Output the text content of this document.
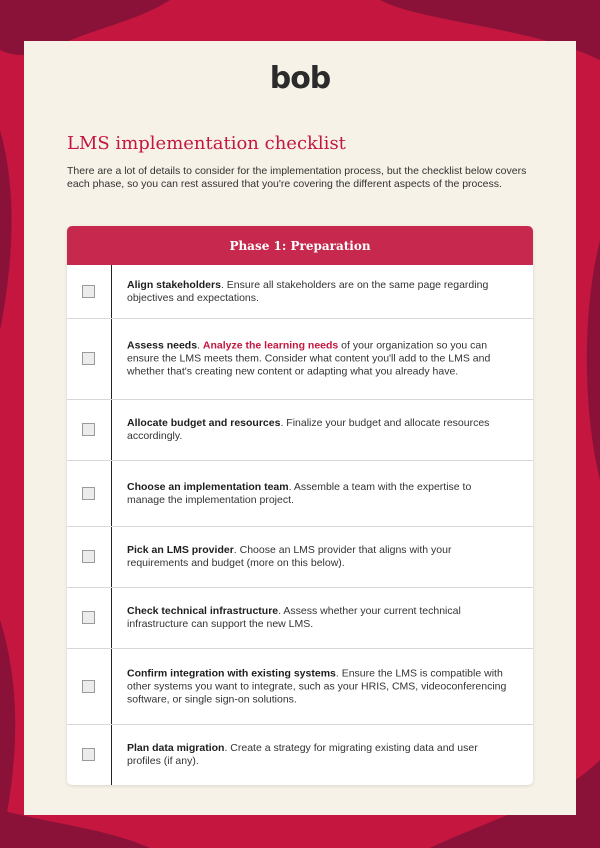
bob
LMS implementation checklist

There are a lot of details to consider for the implementation process, but the checklist below covers each phase, so you can rest assured that you're covering the different aspects of the process.

Phase 1: Preparation

Align stakeholders. Ensure all stakeholders are on the same page regarding objectives and expectations.

Assess needs. Analyze the learning needs of your organization so you can ensure the LMS meets them. Consider what content you'll add to the LMS and whether that's creating new content or adapting what you already have.

Allocate budget and resources. Finalize your budget and allocate resources accordingly.

Choose an implementation team. Assemble a team with the expertise to manage the implementation project.

Pick an LMS provider. Choose an LMS provider that aligns with your requirements and budget (more on this below).

Check technical infrastructure. Assess whether your current technical infrastructure can support the new LMS.

Confirm integration with existing systems. Ensure the LMS is compatible with other systems you want to integrate, such as your HRIS, CMS, videoconferencing software, or single sign-on solutions.

Plan data migration. Create a strategy for migrating existing data and user profiles (if any).
